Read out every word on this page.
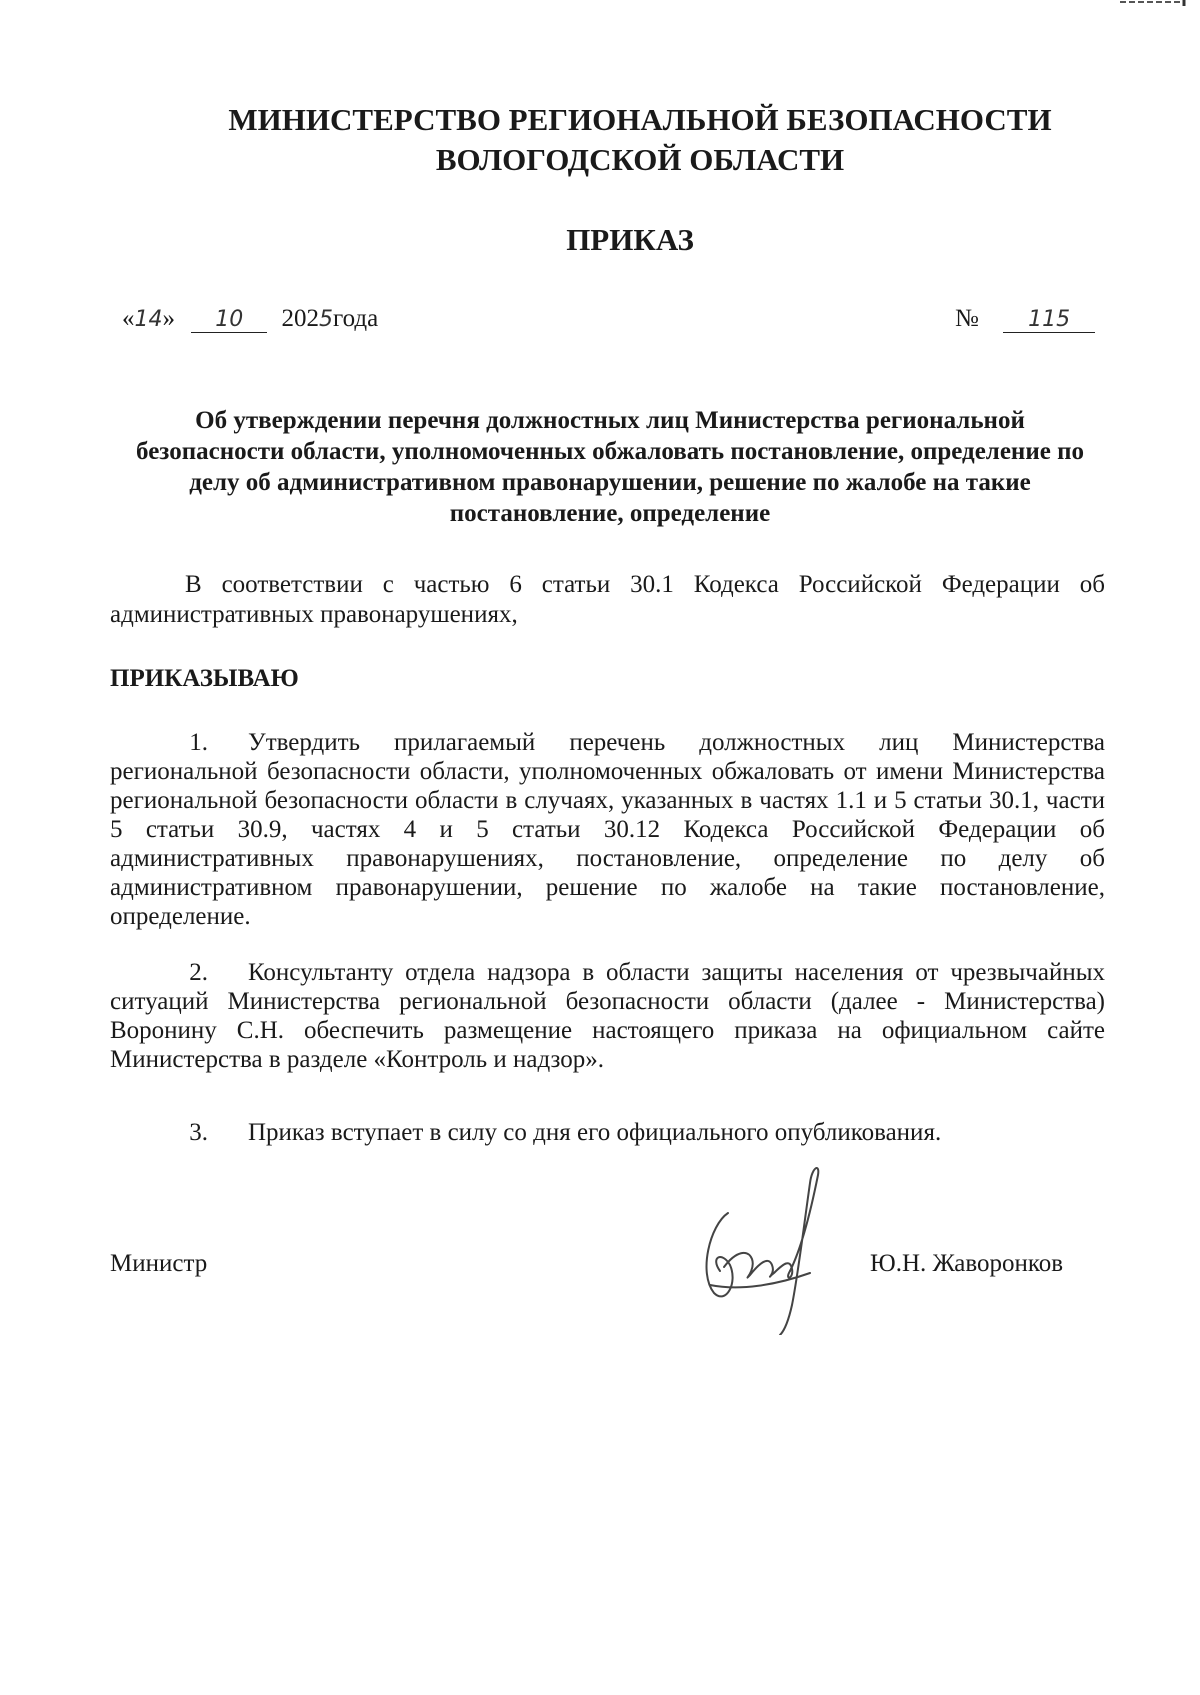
МИНИСТЕРСТВО РЕГИОНАЛЬНОЙ БЕЗОПАСНОСТИ
ВОЛОГОДСКОЙ ОБЛАСТИ
ПРИКАЗ
«14» 10 2025года	№ 115
Об утверждении перечня должностных лиц Министерства региональной безопасности области, уполномоченных обжаловать постановление, определение по делу об административном правонарушении, решение по жалобе на такие постановление, определение
В соответствии с частью 6 статьи 30.1 Кодекса Российской Федерации об административных правонарушениях,
ПРИКАЗЫВАЮ
1. Утвердить прилагаемый перечень должностных лиц Министерства региональной безопасности области, уполномоченных обжаловать от имени Министерства региональной безопасности области в случаях, указанных в частях 1.1 и 5 статьи 30.1, части 5 статьи 30.9, частях 4 и 5 статьи 30.12 Кодекса Российской Федерации об административных правонарушениях, постановление, определение по делу об административном правонарушении, решение по жалобе на такие постановление, определение.
2. Консультанту отдела надзора в области защиты населения от чрезвычайных ситуаций Министерства региональной безопасности области (далее - Министерства) Воронину С.Н. обеспечить размещение настоящего приказа на официальном сайте Министерства в разделе «Контроль и надзор».
3. Приказ вступает в силу со дня его официального опубликования.
Министр	Ю.Н. Жаворонков
